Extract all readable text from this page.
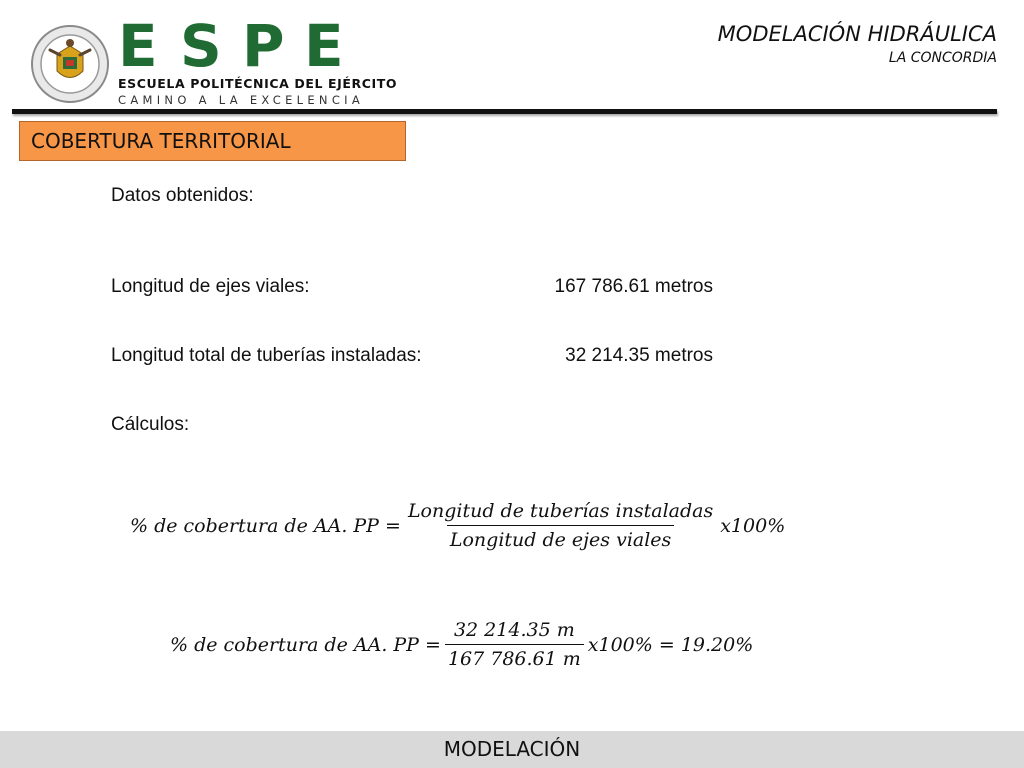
E S P E
ESCUELA POLITÉCNICA DEL EJÉRCITO
CAMINO A LA EXCELENCIA
MODELACIÓN HIDRÁULICA
LA CONCORDIA
COBERTURA TERRITORIAL
Datos obtenidos:
Longitud de ejes viales:	167 786.61 metros
Longitud total de tuberías instaladas:	32 214.35 metros
Cálculos:
% de cobertura de AA. PP = $\frac{\text{Longitud de tuberías instaladas}}{\text{Longitud de ejes viales}} x100\%$
% de cobertura de AA. PP = $\frac{32 214.35 m}{167 786.61 m} x100\% = 19.20\%$
MODELACIÓN
